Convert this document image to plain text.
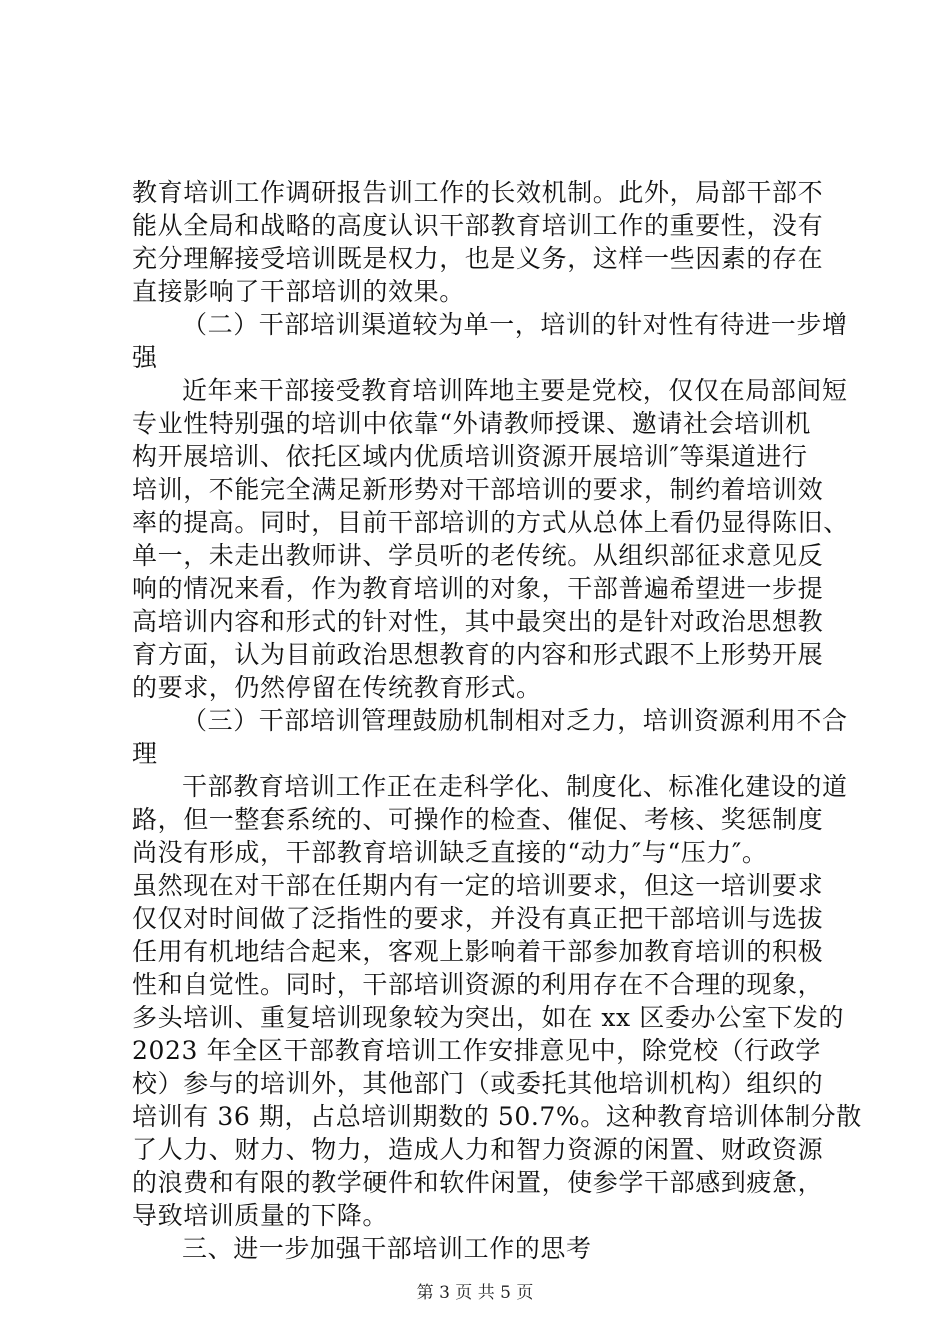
教育培训工作调研报告训工作的长效机制。此外，局部干部不
能从全局和战略的高度认识干部教育培训工作的重要性，没有
充分理解接受培训既是权力，也是义务，这样一些因素的存在
直接影响了干部培训的效果。
（二）干部培训渠道较为单一，培训的针对性有待进一步增
强
近年来干部接受教育培训阵地主要是党校，仅仅在局部间短
专业性特别强的培训中依靠“外请教师授课、邀请社会培训机
构开展培训、依托区域内优质培训资源开展培训″等渠道进行
培训，不能完全满足新形势对干部培训的要求，制约着培训效
率的提高。同时，目前干部培训的方式从总体上看仍显得陈旧、
单一，未走出教师讲、学员听的老传统。从组织部征求意见反
响的情况来看，作为教育培训的对象，干部普遍希望进一步提
高培训内容和形式的针对性，其中最突出的是针对政治思想教
育方面，认为目前政治思想教育的内容和形式跟不上形势开展
的要求，仍然停留在传统教育形式。
（三）干部培训管理鼓励机制相对乏力，培训资源利用不合
理
干部教育培训工作正在走科学化、制度化、标准化建设的道
路，但一整套系统的、可操作的检查、催促、考核、奖惩制度
尚没有形成，干部教育培训缺乏直接的“动力″与“压力″。
虽然现在对干部在任期内有一定的培训要求，但这一培训要求
仅仅对时间做了泛指性的要求，并没有真正把干部培训与选拔
任用有机地结合起来，客观上影响着干部参加教育培训的积极
性和自觉性。同时，干部培训资源的利用存在不合理的现象，
多头培训、重复培训现象较为突出，如在 xx 区委办公室下发的
2023 年全区干部教育培训工作安排意见中，除党校（行政学
校）参与的培训外，其他部门（或委托其他培训机构）组织的
培训有 36 期，占总培训期数的 50.7%。这种教育培训体制分散
了人力、财力、物力，造成人力和智力资源的闲置、财政资源
的浪费和有限的教学硬件和软件闲置，使参学干部感到疲惫，
导致培训质量的下降。
三、进一步加强干部培训工作的思考
第 3 页 共 5 页
